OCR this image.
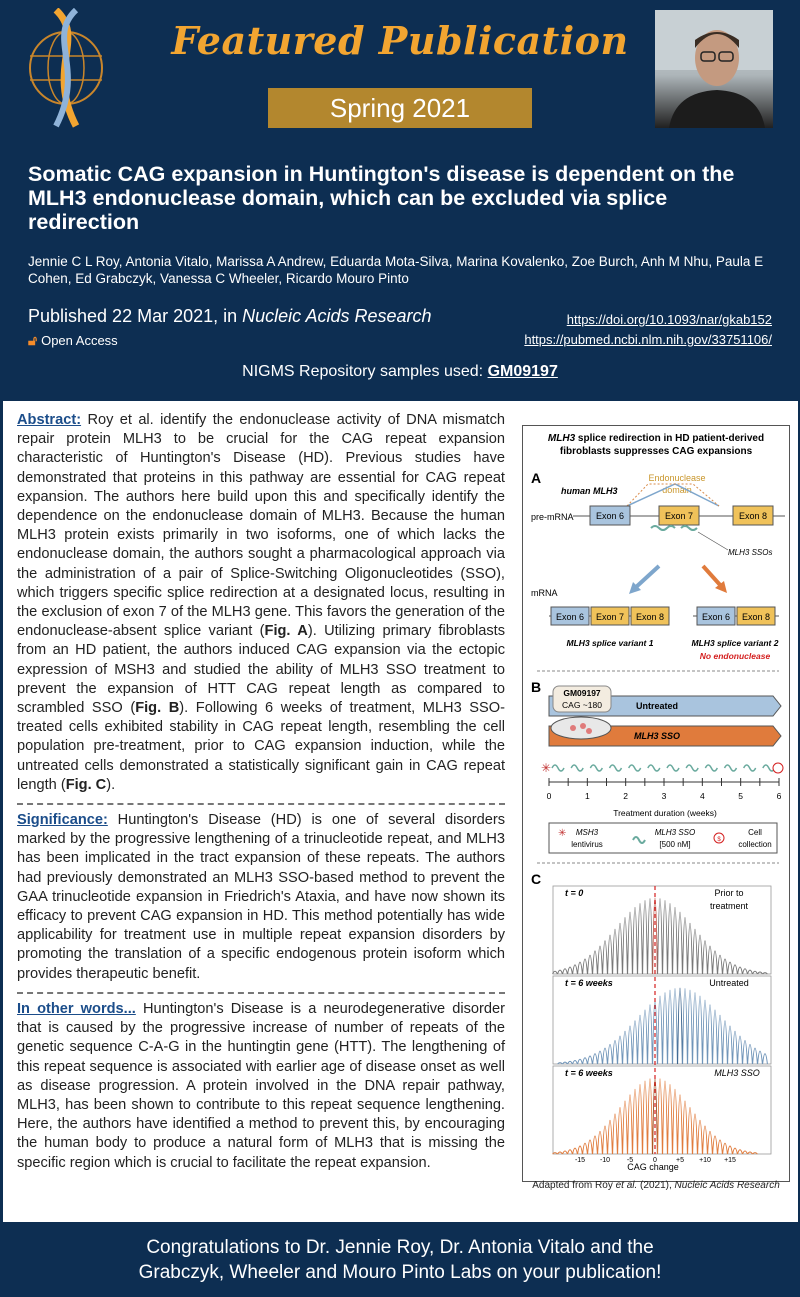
Featured Publication
Spring 2021
Somatic CAG expansion in Huntington's disease is dependent on the MLH3 endonuclease domain, which can be excluded via splice redirection
Jennie C L Roy, Antonia Vitalo, Marissa A Andrew, Eduarda Mota-Silva, Marina Kovalenko, Zoe Burch, Anh M Nhu, Paula E Cohen, Ed Grabczyk, Vanessa C Wheeler, Ricardo Mouro Pinto
Published 22 Mar 2021, in Nucleic Acids Research
🔓︎ Open Access
https://doi.org/10.1093/nar/gkab152
https://pubmed.ncbi.nlm.nih.gov/33751106/
NIGMS Repository samples used: GM09197

Abstract: Roy et al. identify the endonuclease activity of DNA mismatch repair protein MLH3 to be crucial for the CAG repeat expansion characteristic of Huntington's Disease (HD). Previous studies have demonstrated that proteins in this pathway are essential for CAG repeat expansion. The authors here build upon this and specifically identify the dependence on the endonuclease domain of MLH3. Because the human MLH3 protein exists primarily in two isoforms, one of which lacks the endonuclease domain, the authors sought a pharmacological approach via the administration of a pair of Splice-Switching Oligonucleotides (SSO), which triggers specific splice redirection at a designated locus, resulting in the exclusion of exon 7 of the MLH3 gene. This favors the generation of the endonuclease-absent splice variant (Fig. A). Utilizing primary fibroblasts from an HD patient, the authors induced CAG expansion via the ectopic expression of MSH3 and studied the ability of MLH3 SSO treatment to prevent the expansion of HTT CAG repeat length as compared to scrambled SSO (Fig. B). Following 6 weeks of treatment, MLH3 SSO-treated cells exhibited stability in CAG repeat length, resembling the cell population pre-treatment, prior to CAG expansion induction, while the untreated cells demonstrated a statistically significant gain in CAG repeat length (Fig. C).

Significance: Huntington's Disease (HD) is one of several disorders marked by the progressive lengthening of a trinucleotide repeat, and MLH3 has been implicated in the tract expansion of these repeats. The authors had previously demonstrated an MLH3 SSO-based method to prevent the GAA trinucleotide expansion in Friedrich's Ataxia, and have now shown its efficacy to prevent CAG expansion in HD. This method potentially has wide applicability for treatment use in multiple repeat expansion disorders by promoting the translation of a specific endogenous protein isoform which provides therapeutic benefit.

In other words... Huntington's Disease is a neurodegenerative disorder that is caused by the progressive increase of number of repeats of the genetic sequence C-A-G in the huntingtin gene (HTT). The lengthening of this repeat sequence is associated with earlier age of disease onset as well as disease progression. A protein involved in the DNA repair pathway, MLH3, has been shown to contribute to this repeat sequence lengthening. Here, the authors have identified a method to prevent this, by encouraging the human body to produce a natural form of MLH3 that is missing the specific region which is crucial to facilitate the repeat expansion.

MLH3 splice redirection in HD patient-derived
fibroblasts suppresses CAG expansions
A
human MLH3
Endonuclease
domain
pre-mRNA Exon 6	Exon 7	Exon 8
MLH3 SSOs
mRNA
Exon 6 Exon 7 Exon 8	Exon 6 Exon 8
MLH3 splice variant 1	MLH3 splice variant 2
No endonuclease
B
Untreated
MLH3 SSO
GM09197
CAG ~180
0	1	2	3	4	5	6
✳
Treatment duration (weeks)
✳ MSH3
lentivirus
MLH3 SSO
[500 nM]	$
Cell
collection
C
-15 -10 -5	0	+5 +10 +15
t = 0	Prior to
treatment
t = 6 weeks	Untreated
t = 6 weeks	MLH3 SSO
CAG change
Adapted from Roy et al. (2021), Nucleic Acids Research
Congratulations to Dr. Jennie Roy, Dr. Antonia Vitalo and the
Grabczyk, Wheeler and Mouro Pinto Labs on your publication!
